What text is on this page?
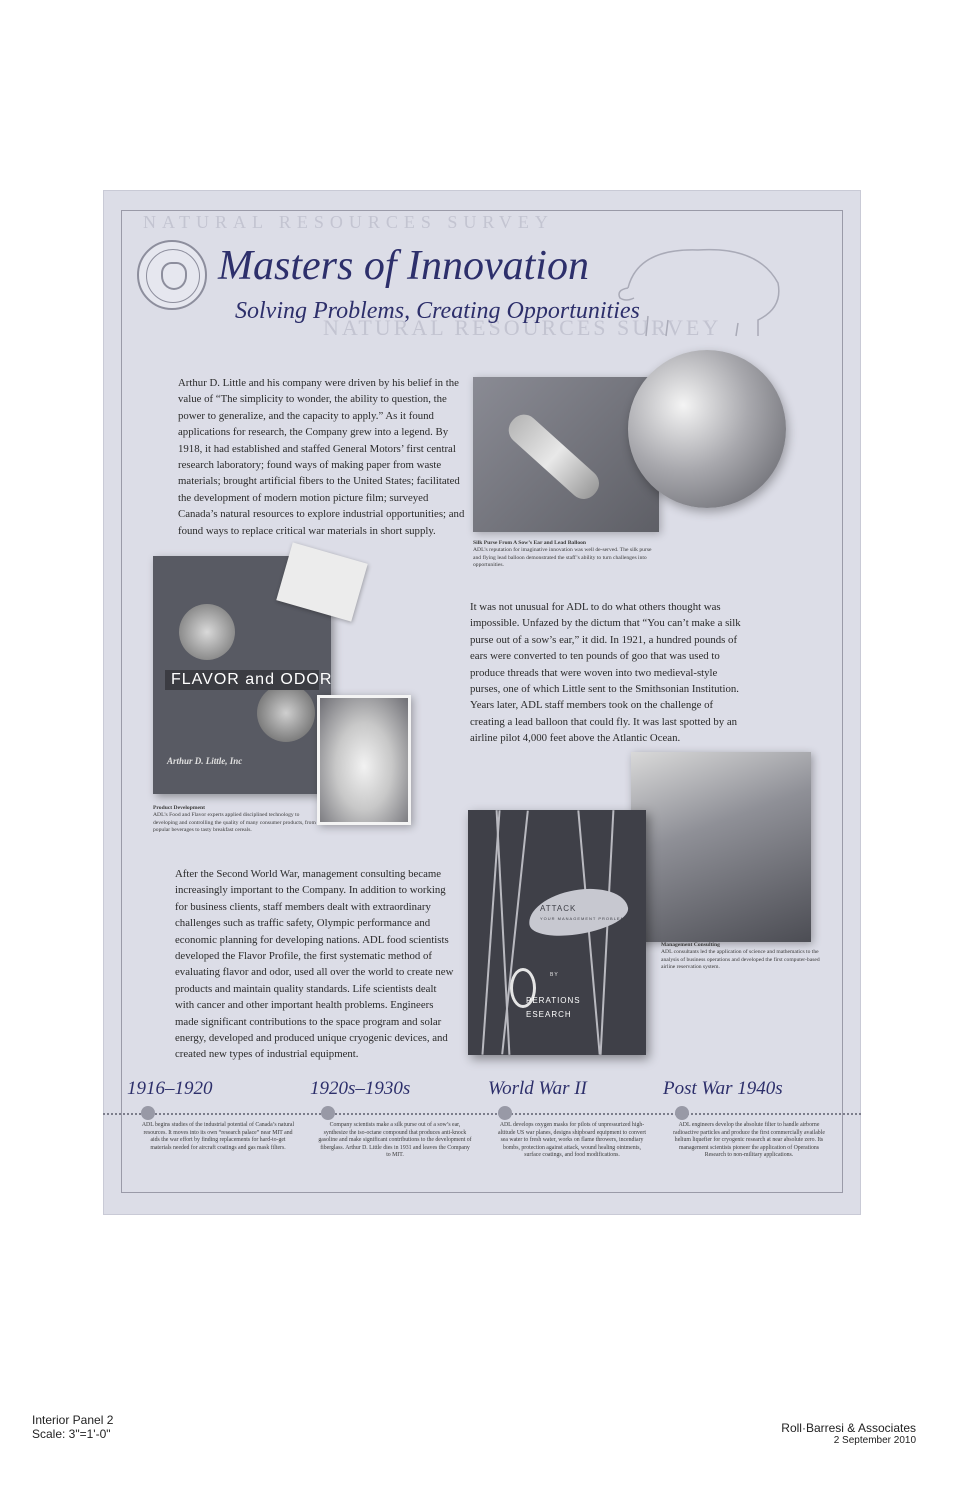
NATURAL RESOURCES SURVEY
NATURAL RESOURCES SURVEY
Masters of Innovation
Solving Problems, Creating Opportunities
Arthur D. Little and his company were driven by his belief in the value of “The simplicity to wonder, the ability to question, the power to generalize, and the capacity to apply.” As it found applications for research, the Company grew into a legend. By 1918, it had established and staffed General Motors’ first central research laboratory; found ways of making paper from waste materials; brought artificial fibers to the United States; facilitated the development of modern motion picture film; surveyed Canada’s natural resources to explore industrial opportunities; and found ways to replace critical war materials in short supply.
Silk Purse From A Sow’s Ear and Lead Balloon
ADL’s reputation for imaginative innovation was well de-served. The silk purse and flying lead balloon demonstrated the staff’s ability to turn challenges into opportunities.
It was not unusual for ADL to do what others thought was impossible. Unfazed by the dictum that “You can’t make a silk purse out of a sow’s ear,” it did. In 1921, a hundred pounds of ears were converted to ten pounds of goo that was used to produce threads that were woven into two medieval-style purses, one of which Little sent to the Smithsonian Institution. Years later, ADL staff members took on the challenge of creating a lead balloon that could fly. It was last spotted by an airline pilot 4,000 feet above the Atlantic Ocean.
FLAVOR and ODOR
Arthur D. Little, Inc
Product Development
ADL’s Food and Flavor experts applied disciplined technology to developing and controlling the quality of many consumer products, from popular beverages to tasty breakfast cereals.
After the Second World War, management consulting became increasingly important to the Company. In addition to working for business clients, staff members dealt with extraordinary challenges such as traffic safety, Olympic performance and economic planning for developing nations. ADL food scientists developed the Flavor Profile, the first systematic method of evaluating flavor and odor, used all over the world to create new products and maintain quality standards. Life scientists dealt with cancer and other important health problems. Engineers made significant contributions to the space program and solar energy, developed and produced unique cryogenic devices, and created new types of industrial equipment.
ATTACK
YOUR MANAGEMENT PROBLEMS
BY
PERATIONS
ESEARCH
Management Consulting
ADL consultants led the application of science and mathematics to the analysis of business operations and developed the first computer-based airline reservation system.
1916–1920	1920s–1930s	World War II	Post War 1940s
ADL begins studies of the industrial potential of Canada’s natural resources. It moves into its own “research palace” near MIT and aids the war effort by finding replacements for hard-to-get materials needed for aircraft coatings and gas mask filters.
Company scientists make a silk purse out of a sow’s ear, synthesize the iso-octane compound that produces anti-knock gasoline and make significant contributions to the development of fiberglass. Arthur D. Little dies in 1931 and leaves the Company to MIT.
ADL develops oxygen masks for pilots of unpressurized high-altitude US war planes, designs shipboard equipment to convert sea water to fresh water, works on flame throwers, incendiary bombs, protection against attack, wound healing ointments, surface coatings, and food modifications.
ADL engineers develop the absolute filter to handle airborne radioactive particles and produce the first commercially available helium liquefier for cryogenic research at near absolute zero. Its management scientists pioneer the application of Operations Research to non-military applications.
Interior Panel 2
Scale: 3"=1'-0"	Roll·Barresi & Associates
2 September 2010
